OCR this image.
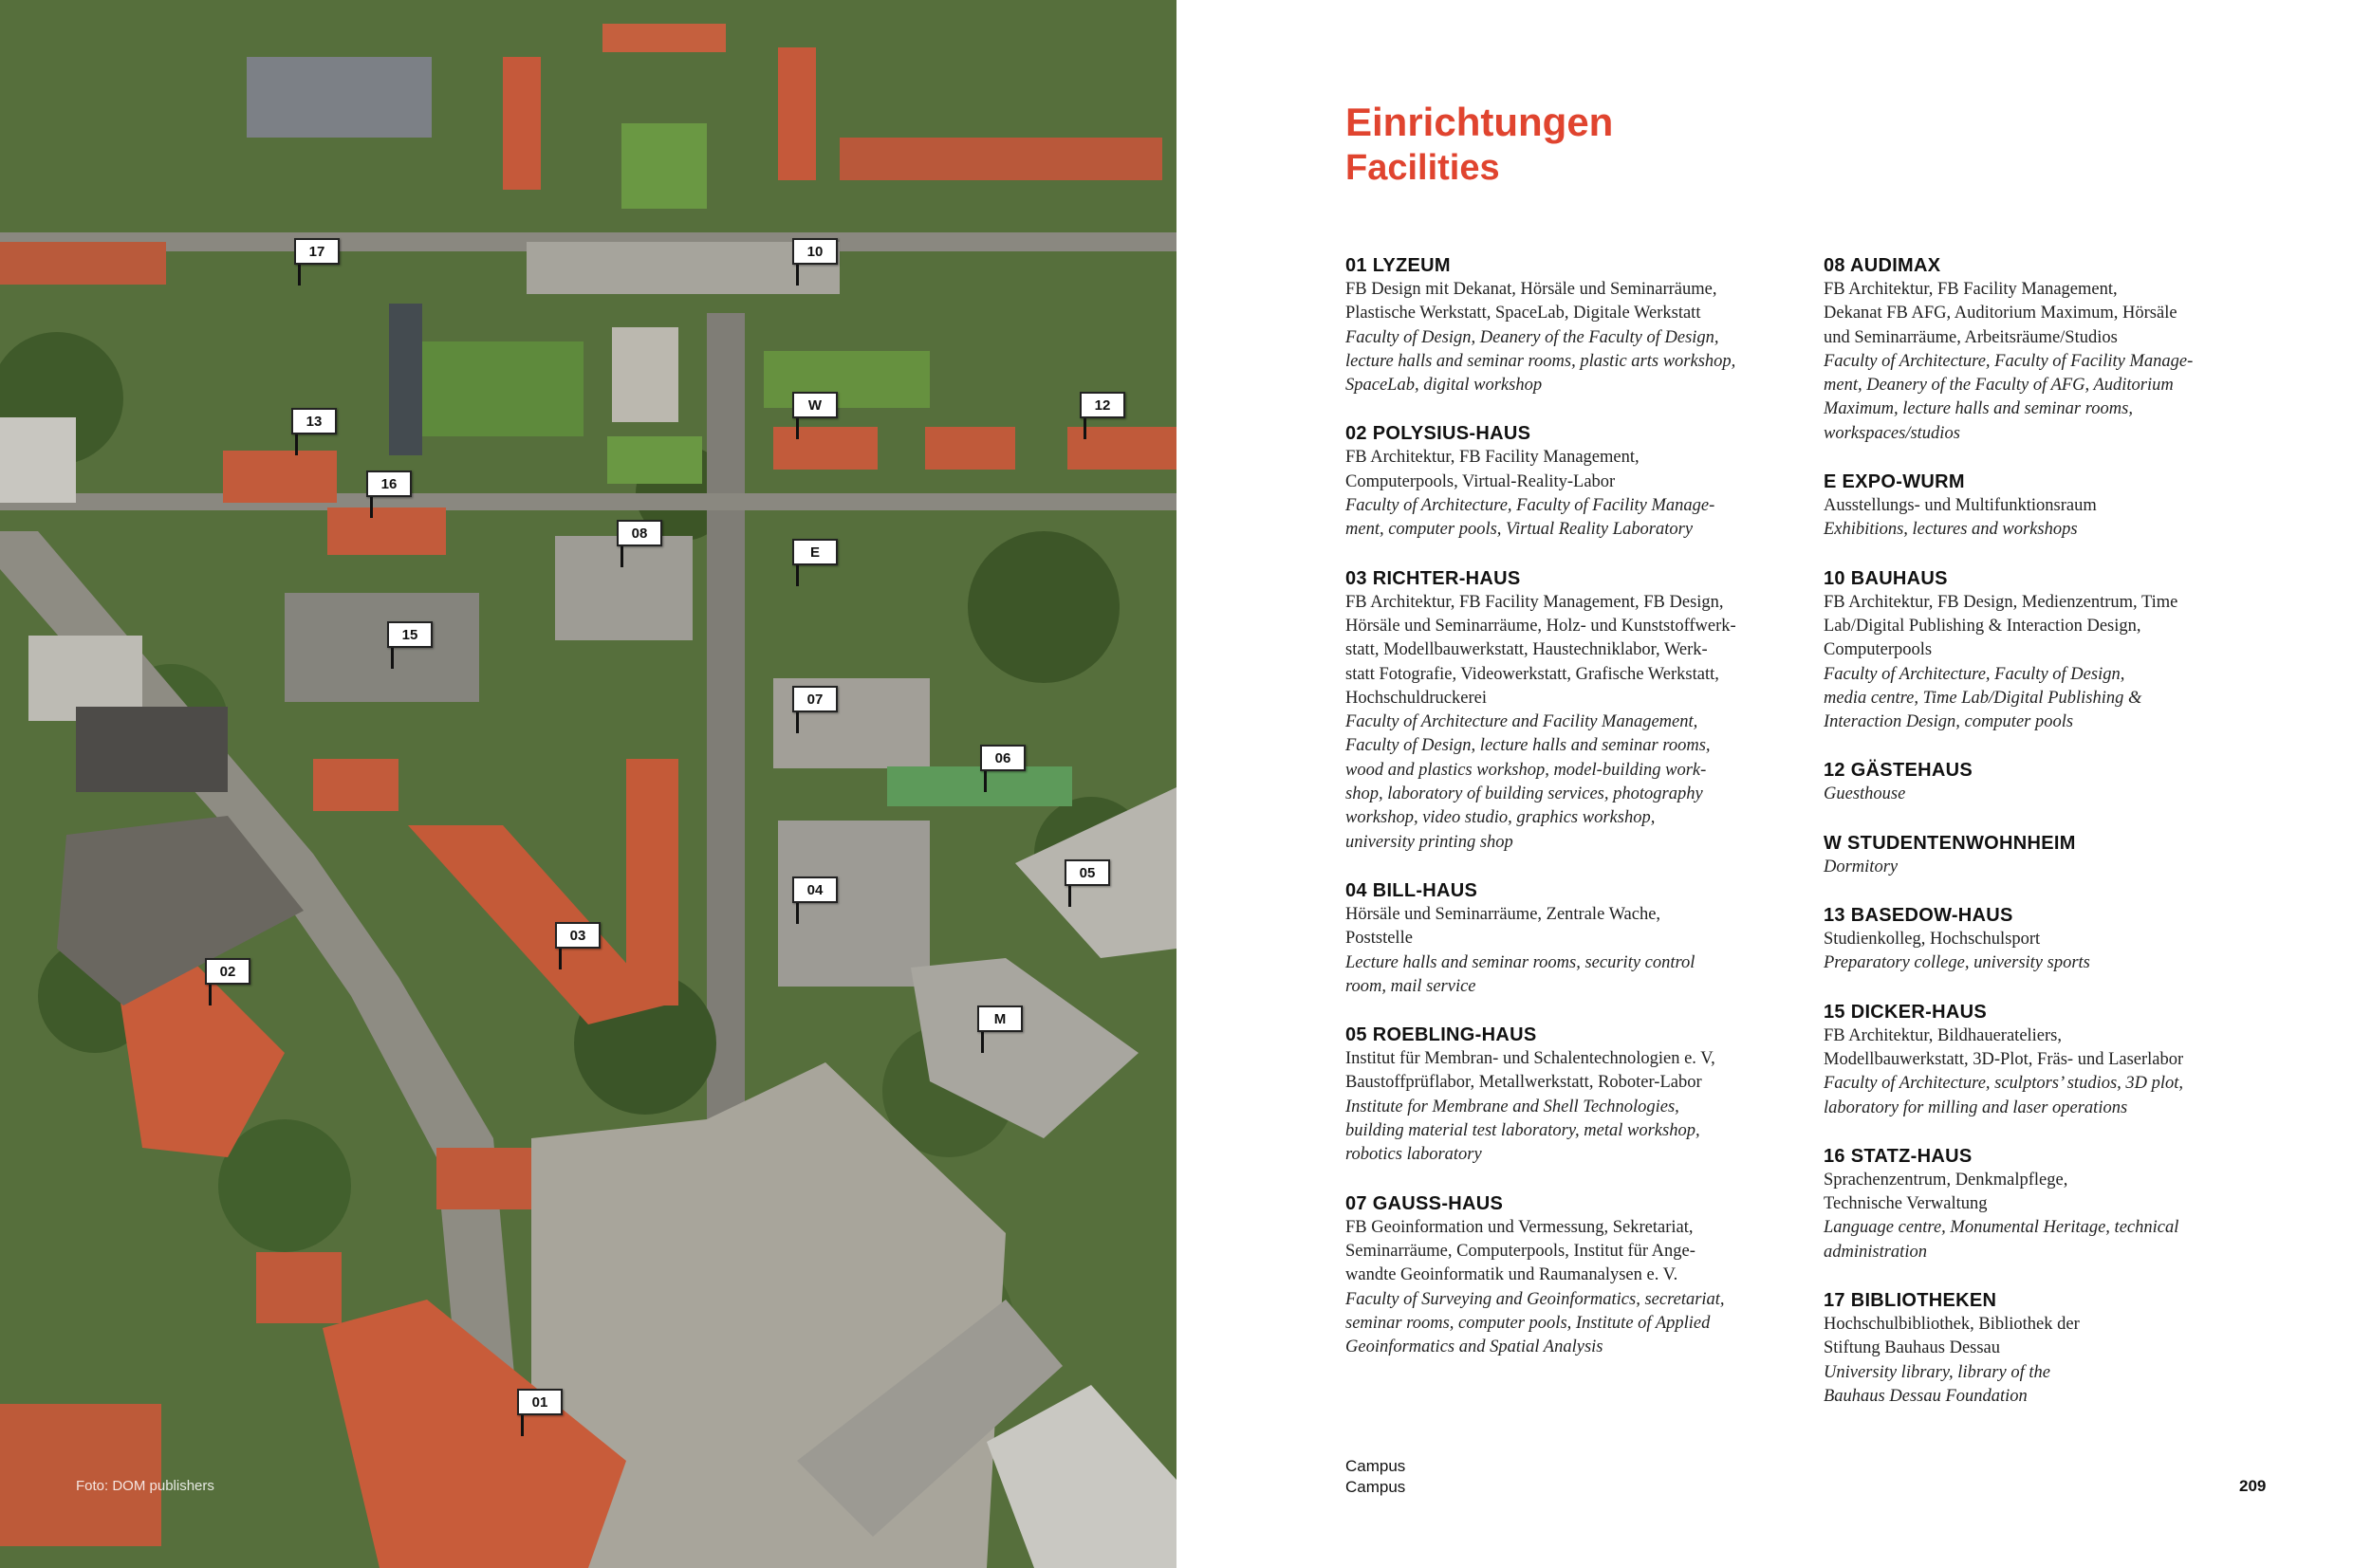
17	10
W	12
13
16
08
E
15
07
06
05
04
03
02
M
01
Foto: DOM publishers
Einrichtungen
Facilities
01 LYZEUM
FB Design mit Dekanat, Hörsäle und Seminarräume,
Plastische Werkstatt, SpaceLab, Digitale Werkstatt
Faculty of Design, Deanery of the Faculty of Design,
lecture halls and seminar rooms, plastic arts workshop,
SpaceLab, digital workshop
02 POLYSIUS-HAUS
FB Architektur, FB Facility Management,
Computerpools, Virtual-Reality-Labor
Faculty of Architecture, Faculty of Facility Manage-
ment, computer pools, Virtual Reality Laboratory
03 RICHTER-HAUS
FB Architektur, FB Facility Management, FB Design,
Hörsäle und Seminarräume, Holz- und Kunststoffwerk-
statt, Modellbauwerkstatt, Haustechniklabor, Werk-
statt Fotografie, Videowerkstatt, Grafische Werkstatt,
Hochschuldruckerei
Faculty of Architecture and Facility Management,
Faculty of Design, lecture halls and seminar rooms,
wood and plastics workshop, model-building work-
shop, laboratory of building services, photography
workshop, video studio, graphics workshop,
university printing shop
04 BILL-HAUS
Hörsäle und Seminarräume, Zentrale Wache,
Poststelle
Lecture halls and seminar rooms, security control
room, mail service
05 ROEBLING-HAUS
Institut für Membran- und Schalentechnologien e. V,
Baustoffprüflabor, Metallwerkstatt, Roboter-Labor
Institute for Membrane and Shell Technologies,
building material test laboratory, metal workshop,
robotics laboratory
07 GAUSS-HAUS
FB Geoinformation und Vermessung, Sekretariat,
Seminarräume, Computerpools, Institut für Ange-
wandte Geoinformatik und Raumanalysen e. V.
Faculty of Surveying and Geoinformatics, secretariat,
seminar rooms, computer pools, Institute of Applied
Geoinformatics and Spatial Analysis
08 AUDIMAX
FB Architektur, FB Facility Management,
Dekanat FB AFG, Auditorium Maximum, Hörsäle
und Seminarräume, Arbeitsräume/Studios
Faculty of Architecture, Faculty of Facility Manage-
ment, Deanery of the Faculty of AFG, Auditorium
Maximum, lecture halls and seminar rooms,
workspaces/studios
E EXPO-WURM
Ausstellungs- und Multifunktionsraum
Exhibitions, lectures and workshops
10 BAUHAUS
FB Architektur, FB Design, Medienzentrum, Time
Lab/Digital Publishing & Interaction Design,
Computerpools
Faculty of Architecture, Faculty of Design,
media centre, Time Lab/Digital Publishing &
Interaction Design, computer pools
12 GÄSTEHAUS
Guesthouse
W STUDENTENWOHNHEIM
Dormitory
13 BASEDOW-HAUS
Studienkolleg, Hochschulsport
Preparatory college, university sports
15 DICKER-HAUS
FB Architektur, Bildhauerateliers,
Modellbauwerkstatt, 3D-Plot, Fräs- und Laserlabor
Faculty of Architecture, sculptors’ studios, 3D plot,
laboratory for milling and laser operations
16 STATZ-HAUS
Sprachenzentrum, Denkmalpflege,
Technische Verwaltung
Language centre, Monumental Heritage, technical
administration
17 BIBLIOTHEKEN
Hochschulbibliothek, Bibliothek der
Stiftung Bauhaus Dessau
University library, library of the
Bauhaus Dessau Foundation
Campus
Campus	209
